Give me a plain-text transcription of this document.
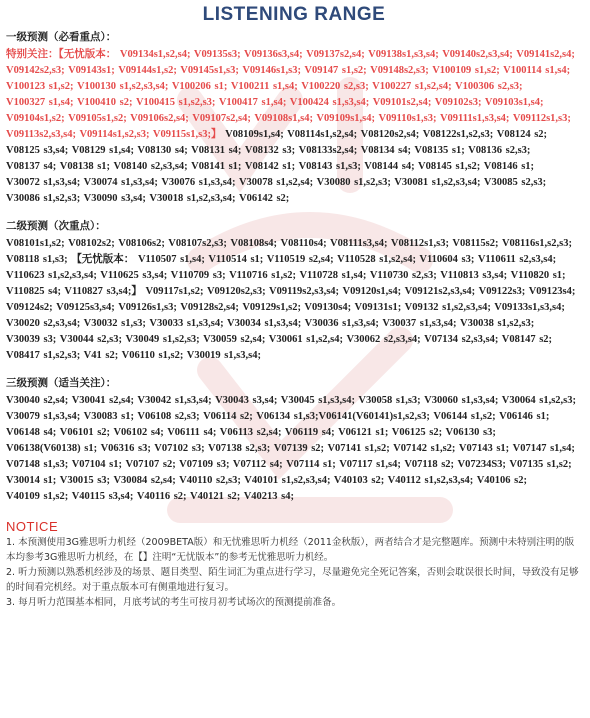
LISTENING RANGE
一级预测（必看重点）：
特别关注：【无忧版本： V09134s1,s2,s4; V09135s3; V09136s3,s4; V09137s2,s4; V09138s1,s3,s4; V09140s2,s3,s4; V09141s2,s4; V09142s2,s3; V09143s1; V09144s1,s2; V09145s1,s3; V09146s1,s3; V09147 s1,s2; V09148s2,s3; V100109 s1,s2; V100114 s1,s4; V100123 s1,s2; V100130 s1,s2,s3,s4; V100206 s1; V100211 s1,s4; V100220 s2,s3; V100227 s1,s2,s4; V100306 s2,s3; V100327 s1,s4; V100410 s2; V100415 s1,s2,s3; V100417 s1,s4; V100424 s1,s3,s4; V09101s2,s4; V09102s3; V09103s1,s4; V09104s1,s2; V09105s1,s2; V09106s2,s4; V09107s2,s4; V09108s1,s4; V09109s1,s4; V09110s1,s3; V09111s1,s3,s4; V09112s1,s3; V09113s2,s3,s4; V09114s1,s2,s3; V09115s1,s3;】 V08109s1,s4; V08114s1,s2,s4; V08120s2,s4; V08122s1,s2,s3; V08124 s2; V08125 s3,s4; V08129 s1,s4; V08130 s4; V08131 s4; V08132 s3; V08133s2,s4; V08134 s4; V08135 s1; V08136 s2,s3; V08137 s4; V08138 s1; V08140 s2,s3,s4; V08141 s1; V08142 s1; V08143 s1,s3; V08144 s4; V08145 s1,s2; V08146 s1; V30072 s1,s3,s4; V30074 s1,s3,s4; V30076 s1,s3,s4; V30078 s1,s2,s4; V30080 s1,s2,s3; V30081 s1,s2,s3,s4; V30085 s2,s3; V30086 s1,s2,s3; V30090 s3,s4; V30018 s1,s2,s3,s4; V06142 s2;
二级预测（次重点）：
V08101s1,s2; V08102s2; V08106s2; V08107s2,s3; V08108s4; V08110s4; V08111s3,s4; V08112s1,s3; V08115s2; V08116s1,s2,s3; V08118 s1,s3; 【无忧版本： V110507 s1,s4; V110514 s1; V110519 s2,s4; V110528 s1,s2,s4; V110604 s3; V110611 s2,s3,s4; V110623 s1,s2,s3,s4; V110625 s3,s4; V110709 s3; V110716 s1,s2; V110728 s1,s4; V110730 s2,s3; V110813 s3,s4; V110820 s1; V110825 s4; V110827 s3,s4;】 V09117s1,s2; V09120s2,s3; V09119s2,s3,s4; V09120s1,s4; V09121s2,s3,s4; V09122s3; V09123s4; V09124s2; V09125s3,s4; V09126s1,s3; V09128s2,s4; V09129s1,s2; V09130s4; V09131s1; V09132 s1,s2,s3,s4; V09133s1,s3,s4; V30020 s2,s3,s4; V30032 s1,s3; V30033 s1,s3,s4; V30034 s1,s3,s4; V30036 s1,s3,s4; V30037 s1,s3,s4; V30038 s1,s2,s3; V30039 s3; V30044 s2,s3; V30049 s1,s2,s3; V30059 s2,s4; V30061 s1,s2,s4; V30062 s2,s3,s4; V07134 s2,s3,s4; V08147 s2; V08417 s1,s2,s3; V41 s2; V06110 s1,s2; V30019 s1,s3,s4;
三级预测（适当关注）：
V30040 s2,s4; V30041 s2,s4; V30042 s1,s3,s4; V30043 s3,s4; V30045 s1,s3,s4; V30058 s1,s3; V30060 s1,s3,s4; V30064 s1,s2,s3; V30079 s1,s3,s4; V30083 s1; V06108 s2,s3; V06114 s2; V06134 s1,s3;V06141(V60141)s1,s2,s3; V06144 s1,s2; V06146 s1; V06148 s4; V06101 s2; V06102 s4; V06111 s4; V06113 s2,s4; V06119 s4; V06121 s1; V06125 s2; V06130 s3; V06138(V60138) s1; V06316 s3; V07102 s3; V07138 s2,s3; V07139 s2; V07141 s1,s2; V07142 s1,s2; V07143 s1; V07147 s1,s4; V07148 s1,s3; V07104 s1; V07107 s2; V07109 s3; V07112 s4; V07114 s1; V07117 s1,s4; V07118 s2; V07234S3; V07135 s1,s2; V30014 s1; V30015 s3; V30084 s2,s4; V40110 s2,s3; V40101 s1,s2,s3,s4; V40103 s2; V40112 s1,s2,s3,s4; V40106 s2; V40109 s1,s2; V40115 s3,s4; V40116 s2; V40121 s2; V40213 s4;
NOTICE
1. 本预测使用3G雅思听力机经（2009BETA版）和无忧雅思听力机经（2011金秋版），两者结合才是完整题库。预测中未特别注明的版本均参考3G雅思听力机经，在【】注明“无忧版本”的参考无忧雅思听力机经。
2. 听力预测以熟悉机经涉及的场景、题目类型、陌生词汇为重点进行学习，尽量避免完全死记答案，否则会耽误很长时间，导致没有足够的时间看完机经。对于重点版本可有侧重地进行复习。
3. 每月听力范围基本相同，月底考试的考生可按月初考试场次的预测提前准备。
